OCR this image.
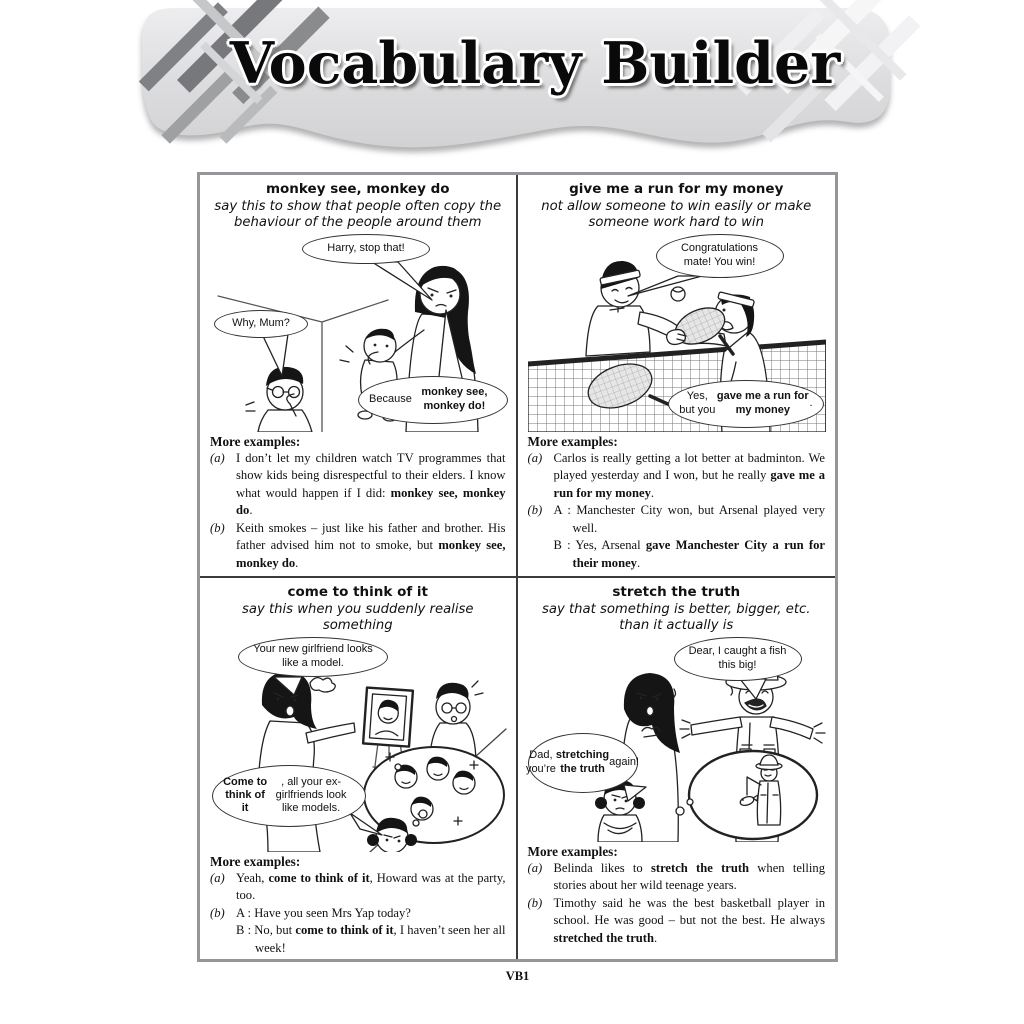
Vocabulary Builder
monkey see, monkey do
say this to show that people often copy the behaviour of the people around them
Harry, stop that!
Why, Mum?
Because
monkey see, monkey do!
More examples:
(a) I don’t let my children watch TV programmes that show kids being disrespectful to their elders. I know what would happen if I did: monkey see, monkey do.
(b) Keith smokes – just like his father and brother. His father advised him not to smoke, but monkey see, monkey do.
give me a run for my money
not allow someone to win easily or make someone work hard to win
Congratulations mate! You win!
Yes, but you
gave me a run for my money
.
More examples:
(a) Carlos is really getting a lot better at badminton. We played yesterday and I won, but he really gave me a run for my money.
(b) A : Manchester City won, but Arsenal played very well.
B : Yes, Arsenal gave Manchester City a run for their money.
come to think of it
say this when you suddenly realise something
Your new girlfriend looks like a model.
Come to think of it
, all your ex-girlfriends look like models.
More examples:
(a) Yeah, come to think of it, Howard was at the party, too.
(b) A : Have you seen Mrs Yap today?
B : No, but come to think of it, I haven’t seen her all week!
stretch the truth
say that something is better, bigger, etc. than it actually is
Dear, I caught a fish this big!
Dad, you’re
stretching the truth
again!
More examples:
(a) Belinda likes to stretch the truth when telling stories about her wild teenage years.
(b) Timothy said he was the best basketball player in school. He was good – but not the best. He always stretched the truth.
VB1
